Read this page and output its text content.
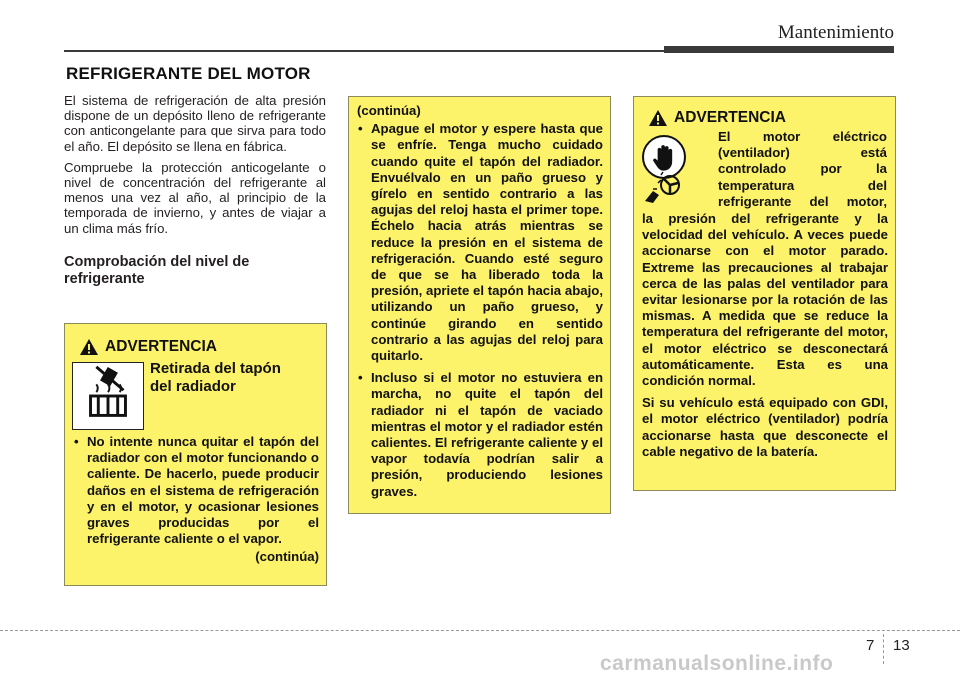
Mantenimiento
REFRIGERANTE DEL MOTOR

El sistema de refrigeración de alta presión dispone de un depósito lleno de refrigerante con anticongelante para que sirva para todo el año. El depósito se llena en fábrica.

Compruebe la protección anticogelante o nivel de concentración del refrigerante al menos una vez al año, al principio de la temporada de invierno, y antes de viajar a un clima más frío.

Comprobación del nivel de refrigerante
ADVERTENCIA
Retirada del tapón
del radiador
• No intente nunca quitar el tapón del radiador con el motor funcionando o caliente. De hacerlo, puede producir daños en el sistema de refrigeración y en el motor, y ocasionar lesiones graves producidas por el refrigerante caliente o el vapor.
(continúa)
(continúa)
• Apague el motor y espere hasta que se enfríe. Tenga mucho cuidado cuando quite el tapón del radiador. Envuélvalo en un paño grueso y gírelo en sentido contrario a las agujas del reloj hasta el primer tope. Échelo hacia atrás mientras se reduce la presión en el sistema de refrigeración. Cuando esté seguro de que se ha liberado toda la presión, apriete el tapón hacia abajo, utilizando un paño grueso, y continúe girando en sentido contrario a las agujas del reloj para quitarlo.
• Incluso si el motor no estuviera en marcha, no quite el tapón del radiador ni el tapón de vaciado mientras el motor y el radiador estén calientes. El refrigerante caliente y el vapor todavía podrían salir a presión, produciendo lesiones graves.
ADVERTENCIA
El motor eléctrico
(ventilador) está
controlado por la
temperatura del
refrigerante del motor,
la presión del refrigerante y la velocidad del vehículo. A veces puede accionarse con el motor parado. Extreme las precauciones al trabajar cerca de las palas del ventilador para evitar lesionarse por la rotación de las mismas. A medida que se reduce la temperatura del refrigerante del motor, el motor eléctrico se desconectará automáticamente. Esta es una condición normal.
Si su vehículo está equipado con GDI, el motor eléctrico (ventilador) podría accionarse hasta que desconecte el cable negativo de la batería.
7 13
carmanualsonline.info
